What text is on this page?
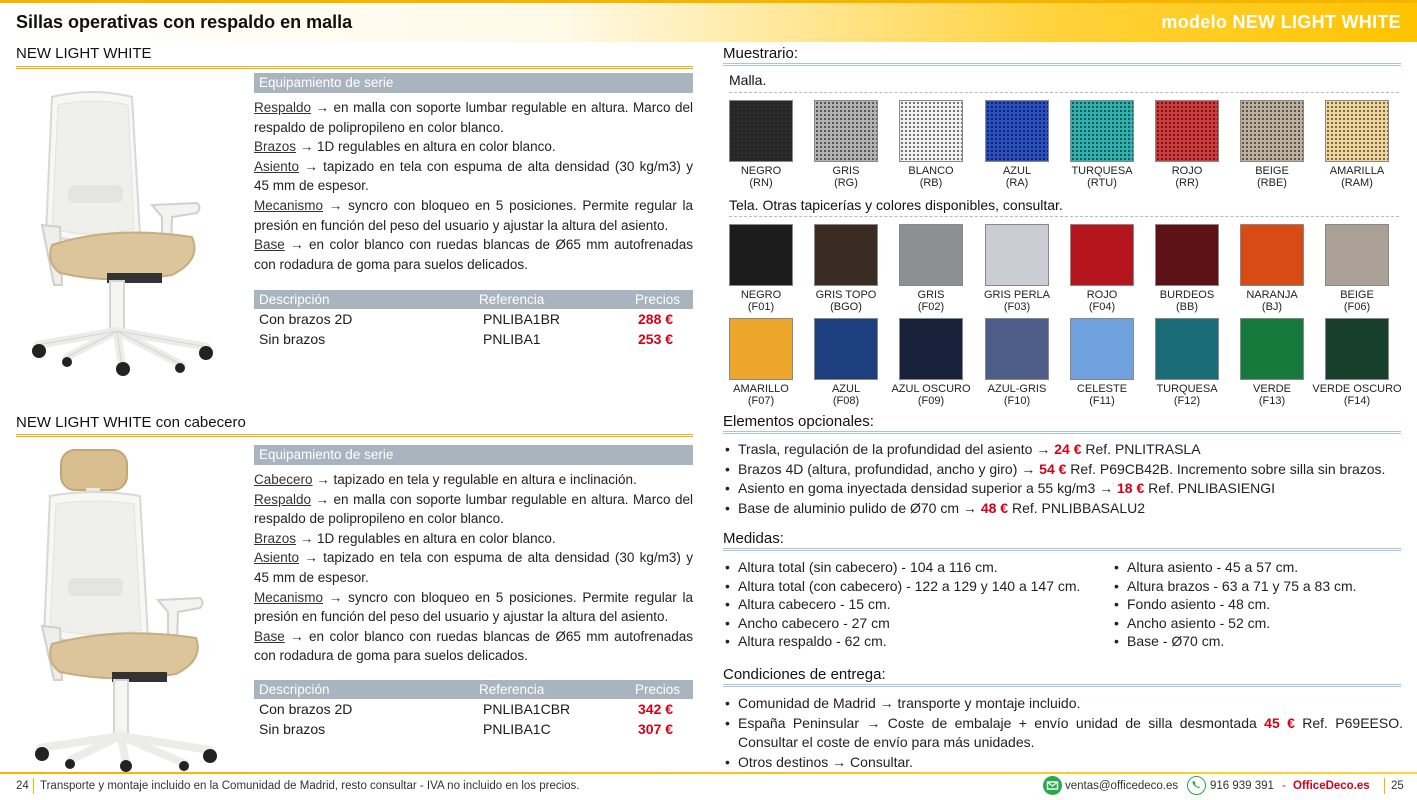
Sillas operativas con respaldo en malla	modelo NEW LIGHT WHITE
NEW LIGHT WHITE
Equipamiento de serie
Respaldo → en malla con soporte lumbar regulable en altura. Marco del respaldo de polipropileno en color blanco.
Brazos → 1D regulables en altura en color blanco.
Asiento → tapizado en tela con espuma de alta densidad (30 kg/m3) y 45 mm de espesor.
Mecanismo → syncro con bloqueo en 5 posiciones. Permite regular la presión en función del peso del usuario y ajustar la altura del asiento.
Base → en color blanco con ruedas blancas de Ø65 mm autofrenadas con rodadura de goma para suelos delicados.
Descripción	Referencia	Precios
Con brazos 2D	PNLIBA1BR	288 €
Sin brazos	PNLIBA1	253 €
NEW LIGHT WHITE con cabecero
Equipamiento de serie
Cabecero → tapizado en tela y regulable en altura e inclinación.
Respaldo → en malla con soporte lumbar regulable en altura. Marco del respaldo de polipropileno en color blanco.
Brazos → 1D regulables en altura en color blanco.
Asiento → tapizado en tela con espuma de alta densidad (30 kg/m3) y 45 mm de espesor.
Mecanismo → syncro con bloqueo en 5 posiciones. Permite regular la presión en función del peso del usuario y ajustar la altura del asiento.
Base → en color blanco con ruedas blancas de Ø65 mm autofrenadas con rodadura de goma para suelos delicados.
Descripción	Referencia	Precios
Con brazos 2D	PNLIBA1CBR	342 €
Sin brazos	PNLIBA1C	307 €
Muestrario:
Malla.
NEGRO
(RN)
GRIS
(RG)
BLANCO
(RB)
AZUL
(RA)
TURQUESA
(RTU)
ROJO
(RR)
BEIGE
(RBE)
AMARILLA
(RAM)
Tela. Otras tapicerías y colores disponibles, consultar.
NEGRO
(F01)
GRIS TOPO
(BGO)
GRIS
(F02)
GRIS PERLA
(F03)
ROJO
(F04)
BURDEOS
(BB)
NARANJA
(BJ)
BEIGE
(F06)
AMARILLO
(F07)
AZUL
(F08)
AZUL OSCURO
(F09)
AZUL-GRIS
(F10)
CELESTE
(F11)
TURQUESA
(F12)
VERDE
(F13)
VERDE OSCURO
(F14)
Elementos opcionales:
• Trasla, regulación de la profundidad del asiento → 24 € Ref. PNLITRASLA
• Brazos 4D (altura, profundidad, ancho y giro) → 54 € Ref. P69CB42B. Incremento sobre silla sin brazos.
• Asiento en goma inyectada densidad superior a 55 kg/m3 → 18 € Ref. PNLIBASIENGI
• Base de aluminio pulido de Ø70 cm → 48 € Ref. PNLIBBASALU2
Medidas:
• Altura total (sin cabecero) - 104 a 116 cm.
• Altura total (con cabecero) - 122 a 129 y 140 a 147 cm.
• Altura cabecero - 15 cm.
• Ancho cabecero - 27 cm
• Altura respaldo - 62 cm.
• Altura asiento - 45 a 57 cm.
• Altura brazos - 63 a 71 y 75 a 83 cm.
• Fondo asiento - 48 cm.
• Ancho asiento - 52 cm.
• Base - Ø70 cm.
Condiciones de entrega:
• Comunidad de Madrid → transporte y montaje incluido.
• España Peninsular → Coste de embalaje + envío unidad de silla desmontada 45 € Ref. P69EESO. Consultar el coste de envío para más unidades.
• Otros destinos → Consultar.
24 Transporte y montaje incluido en la Comunidad de Madrid, resto consultar - IVA no incluido en los precios.	ventas@officedeco.es	916 939 391 - OfficeDeco.es 25
